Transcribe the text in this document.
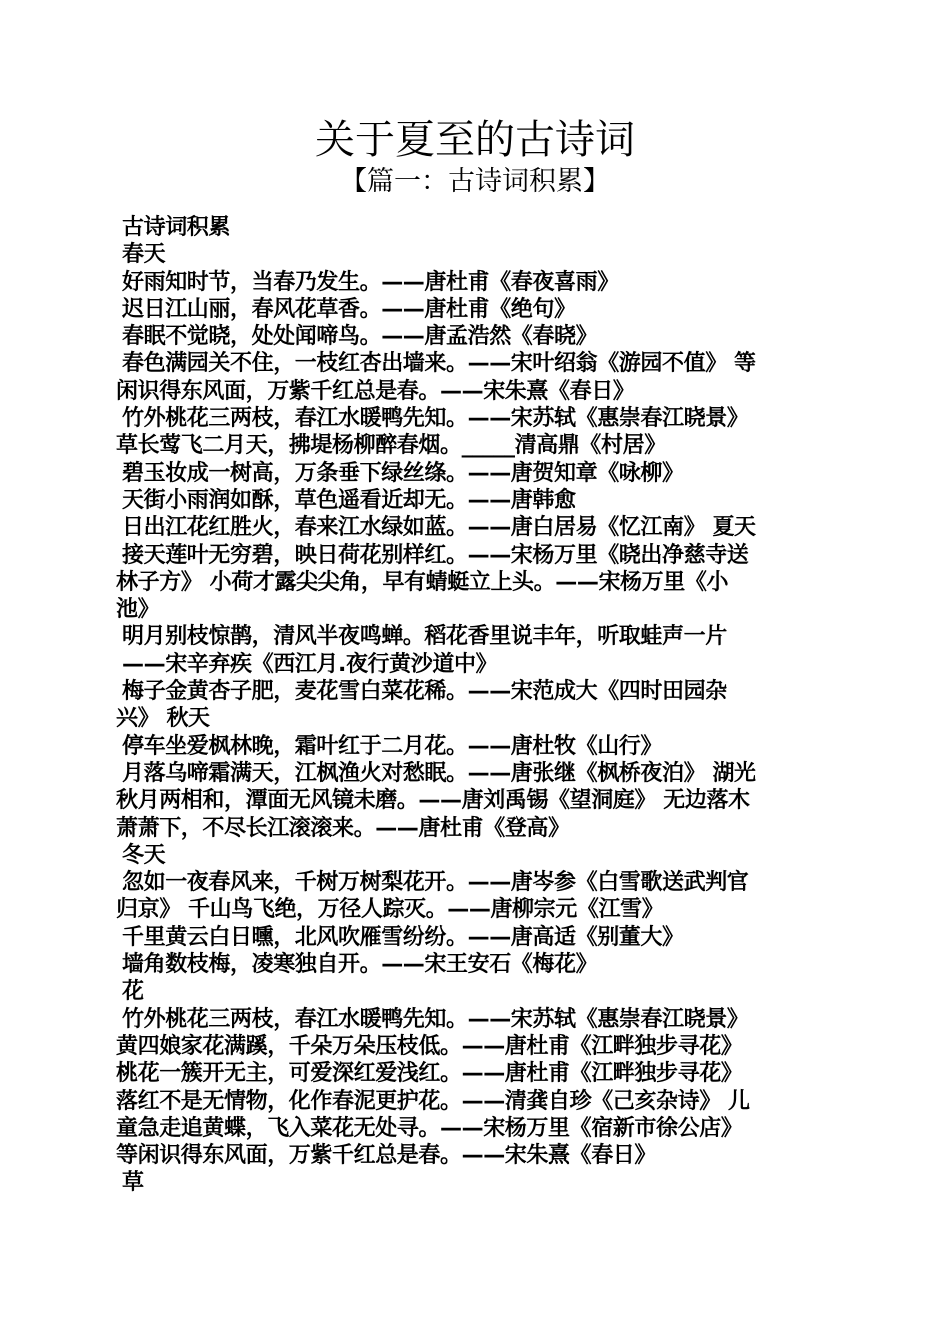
关于夏至的古诗词
【篇一：古诗词积累】
古诗词积累
春天
好雨知时节，当春乃发生。——唐杜甫《春夜喜雨》
迟日江山丽，春风花草香。——唐杜甫《绝句》
春眠不觉晓，处处闻啼鸟。——唐孟浩然《春晓》
春色满园关不住，一枝红杏出墙来。——宋叶绍翁《游园不值》 等
闲识得东风面，万紫千红总是春。——宋朱熹《春日》
竹外桃花三两枝，春江水暖鸭先知。——宋苏轼《惠崇春江晓景》
草长莺飞二月天，拂堤杨柳醉春烟。_____清高鼎《村居》
碧玉妆成一树高，万条垂下绿丝绦。——唐贺知章《咏柳》
天街小雨润如酥，草色遥看近却无。——唐韩愈
日出江花红胜火，春来江水绿如蓝。——唐白居易《忆江南》 夏天
接天莲叶无穷碧，映日荷花别样红。——宋杨万里《晓出净慈寺送
林子方》 小荷才露尖尖角，早有蜻蜓立上头。——宋杨万里《小
池》
明月别枝惊鹊，清风半夜鸣蝉。稻花香里说丰年，听取蛙声一片
——宋辛弃疾《西江月.夜行黄沙道中》
梅子金黄杏子肥，麦花雪白菜花稀。——宋范成大《四时田园杂
兴》 秋天
停车坐爱枫林晚，霜叶红于二月花。——唐杜牧《山行》
月落乌啼霜满天，江枫渔火对愁眠。——唐张继《枫桥夜泊》 湖光
秋月两相和，潭面无风镜未磨。——唐刘禹锡《望洞庭》 无边落木
萧萧下，不尽长江滚滚来。——唐杜甫《登高》
冬天
忽如一夜春风来，千树万树梨花开。——唐岑参《白雪歌送武判官
归京》 千山鸟飞绝，万径人踪灭。——唐柳宗元《江雪》
千里黄云白日曛，北风吹雁雪纷纷。——唐高适《别董大》
墙角数枝梅，凌寒独自开。——宋王安石《梅花》
花
竹外桃花三两枝，春江水暖鸭先知。——宋苏轼《惠崇春江晓景》
黄四娘家花满蹊，千朵万朵压枝低。——唐杜甫《江畔独步寻花》
桃花一簇开无主，可爱深红爱浅红。——唐杜甫《江畔独步寻花》
落红不是无情物，化作春泥更护花。——清龚自珍《己亥杂诗》 儿
童急走追黄蝶，飞入菜花无处寻。——宋杨万里《宿新市徐公店》
等闲识得东风面，万紫千红总是春。——宋朱熹《春日》
草
